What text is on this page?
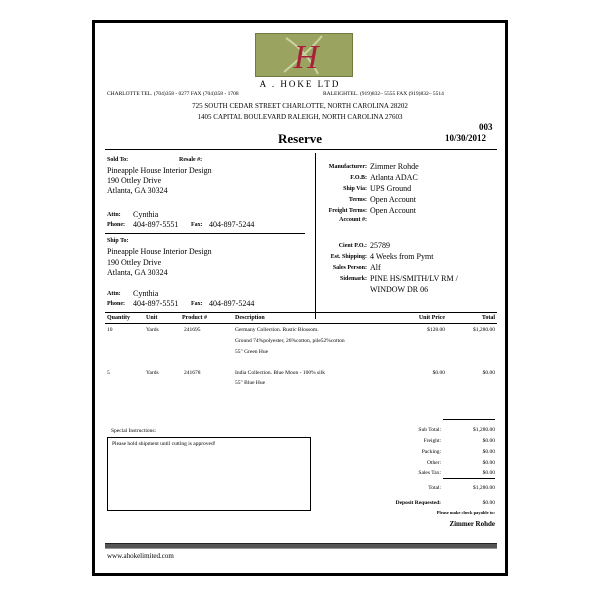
H
A . HOKE LTD
CHARLOTTE TEL. (704)358 - 0277 FAX (704)358 - 1708	RALEIGHTEL. (919)832– 5555 FAX (919)832– 5514
725 SOUTH CEDAR STREET CHARLOTTE, NORTH CAROLINA 28202
1405 CAPITAL BOULEVARD RALEIGH, NORTH CAROLINA 27603
003
Reserve	10/30/2012
Sold To:	Resale #:
Pineapple House Interior Design
190 Ottley Drive
Atlanta, GA 30324
Attn: Cynthia
Phone: 404-897-5551 Fax: 404-897-5244
Ship To:
Pineapple House Interior Design
190 Ottley Drive
Atlanta, GA 30324
Attn: Cynthia
Phone: 404-897-5551 Fax: 404-897-5244
Manufacturer: Zimmer Rohde
F.O.B: Atlanta ADAC
Ship Via: UPS Ground
Terms: Open Account
Freight Terms: Open Account
Account #:
Cient P.O.: 25789
Est. Shipping: 4 Weeks from Pymt
Sales Person: Alf
Sidemark: PINE HS/SMITH/LV RM /
WINDOW DR 06
Quantity	Unit	Product #	Description	Unit Price	Total
10	Yards	241695	Germany Collection. Rustic Blossom.
Ground 74%polyester, 26%cotton, pile52%cotton
55" Green Hue
$128.00	$1,280.00
5	Yards	241678	India Collection. Blue Moon - 100% silk
55" Blue Hue
$0.00	$0.00
Special Instructions:
Please hold shipment until cutting is approved!
Sub Total:	$1,280.00
Freight:	$0.00
Packing:	$0.00
Other:	$0.00
Sales Tax:	$0.00
Total:	$1,280.00
Deposit Requested:	$0.00
Please make check payable to:
Zimmer Rohde
www.ahokelimited.com
